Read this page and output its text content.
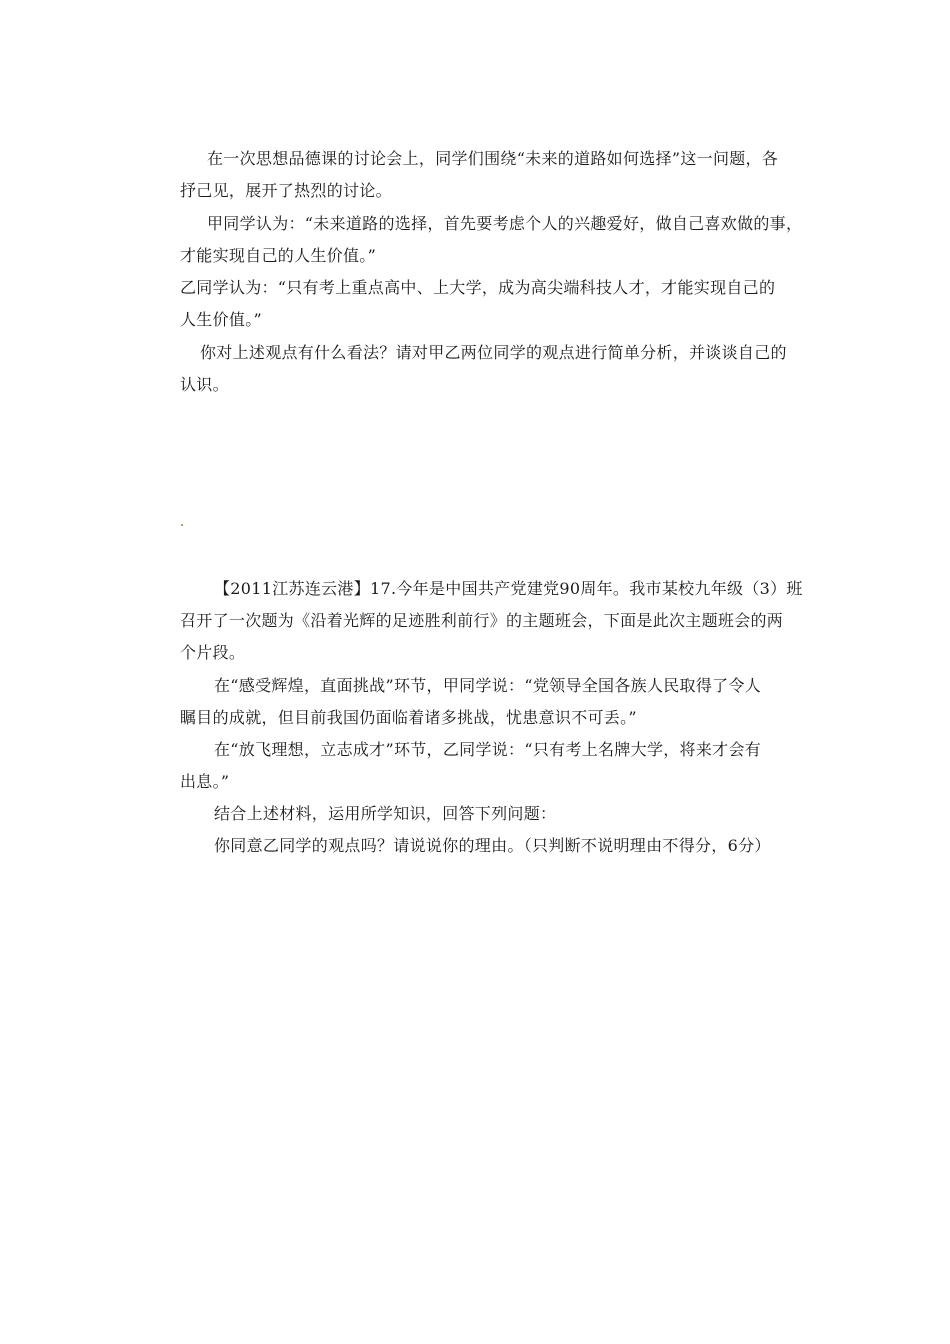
在一次思想品德课的讨论会上，同学们围绕“未来的道路如何选择”这一问题，各
抒己见，展开了热烈的讨论。
甲同学认为：“未来道路的选择，首先要考虑个人的兴趣爱好，做自己喜欢做的事，
才能实现自己的人生价值。”
乙同学认为：“只有考上重点高中、上大学，成为高尖端科技人才，才能实现自己的
人生价值。”
你对上述观点有什么看法？请对甲乙两位同学的观点进行简单分析，并谈谈自己的
认识。
【2011江苏连云港】17.今年是中国共产党建党90周年。我市某校九年级（3）班
召开了一次题为《沿着光辉的足迹胜利前行》的主题班会，下面是此次主题班会的两
个片段。
在“感受辉煌，直面挑战”环节，甲同学说：“党领导全国各族人民取得了令人
瞩目的成就，但目前我国仍面临着诸多挑战，忧患意识不可丢。”
在“放飞理想，立志成才”环节，乙同学说：“只有考上名牌大学，将来才会有
出息。”
结合上述材料，运用所学知识，回答下列问题：
你同意乙同学的观点吗？请说说你的理由。（只判断不说明理由不得分，6分）
